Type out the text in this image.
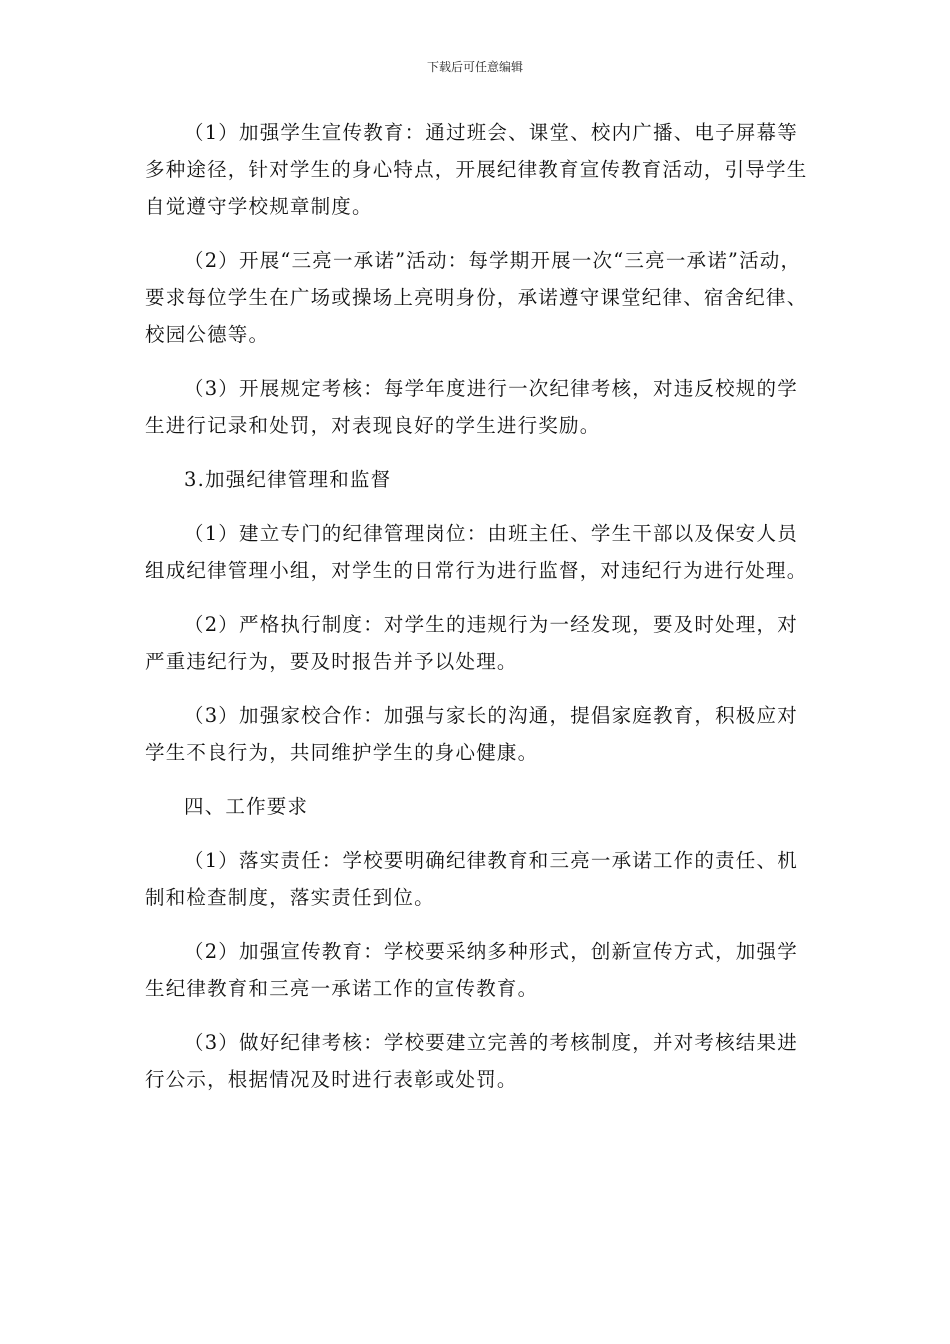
下载后可任意编辑

（1）加强学生宣传教育：通过班会、课堂、校内广播、电子屏幕等多种途径，针对学生的身心特点，开展纪律教育宣传教育活动，引导学生自觉遵守学校规章制度。

（2）开展“三亮一承诺”活动：每学期开展一次“三亮一承诺”活动，要求每位学生在广场或操场上亮明身份，承诺遵守课堂纪律、宿舍纪律、校园公德等。

（3）开展规定考核：每学年度进行一次纪律考核，对违反校规的学生进行记录和处罚，对表现良好的学生进行奖励。

3.加强纪律管理和监督

（1）建立专门的纪律管理岗位：由班主任、学生干部以及保安人员组成纪律管理小组，对学生的日常行为进行监督，对违纪行为进行处理。

（2）严格执行制度：对学生的违规行为一经发现，要及时处理，对严重违纪行为，要及时报告并予以处理。

（3）加强家校合作：加强与家长的沟通，提倡家庭教育，积极应对学生不良行为，共同维护学生的身心健康。

四、工作要求

（1）落实责任：学校要明确纪律教育和三亮一承诺工作的责任、机制和检查制度，落实责任到位。

（2）加强宣传教育：学校要采纳多种形式，创新宣传方式，加强学生纪律教育和三亮一承诺工作的宣传教育。

（3）做好纪律考核：学校要建立完善的考核制度，并对考核结果进行公示，根据情况及时进行表彰或处罚。
